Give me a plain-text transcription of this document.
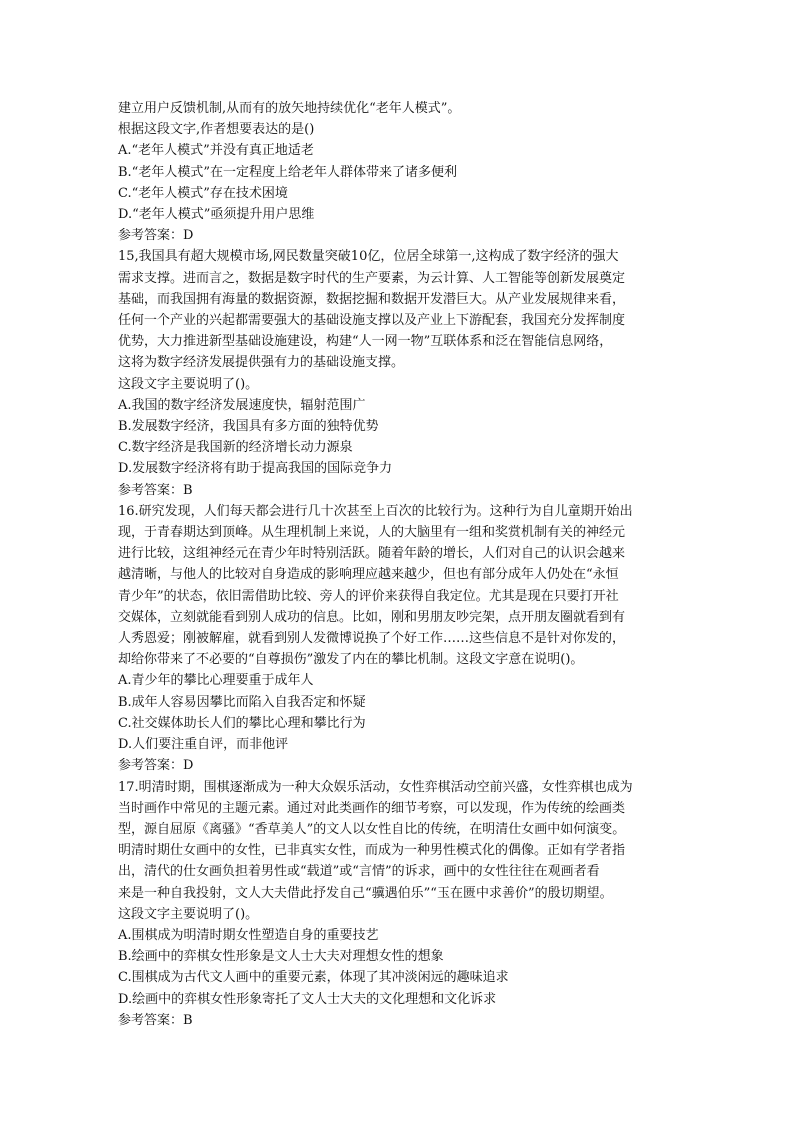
建立用户反馈机制,从而有的放矢地持续优化“老年人模式”。
根据这段文字,作者想要表达的是()
A.“老年人模式”并没有真正地适老
B.“老年人模式”在一定程度上给老年人群体带来了诸多便利
C.“老年人模式”存在技术困境
D.“老年人模式”亟须提升用户思维
参考答案：D
15,我国具有超大规模市场,网民数量突破10亿，位居全球第一,这构成了数字经济的强大
需求支撑。进而言之，数据是数字时代的生产要素，为云计算、人工智能等创新发展奠定
基础，而我国拥有海量的数据资源，数据挖掘和数据开发潜巨大。从产业发展规律来看，
任何一个产业的兴起都需要强大的基础设施支撑以及产业上下游配套，我国充分发挥制度
优势，大力推进新型基础设施建设，构建“人一网一物”互联体系和泛在智能信息网络，
这将为数字经济发展提供强有力的基础设施支撑。
这段文字主要说明了()。
A.我国的数字经济发展速度快，辐射范围广
B.发展数字经济，我国具有多方面的独特优势
C.数字经济是我国新的经济增长动力源泉
D.发展数字经济将有助于提高我国的国际竞争力
参考答案：B
16.研究发现，人们每天都会进行几十次甚至上百次的比较行为。这种行为自儿童期开始出
现，于青春期达到顶峰。从生理机制上来说，人的大脑里有一组和奖赏机制有关的神经元
进行比较，这组神经元在青少年时特别活跃。随着年龄的增长，人们对自己的认识会越来
越清晰，与他人的比较对自身造成的影响理应越来越少，但也有部分成年人仍处在“永恒
青少年”的状态，依旧需借助比较、旁人的评价来获得自我定位。尤其是现在只要打开社
交媒体，立刻就能看到别人成功的信息。比如，刚和男朋友吵完架，点开朋友圈就看到有
人秀恩爱；刚被解雇，就看到别人发微博说换了个好工作……这些信息不是针对你发的，
却给你带来了不必要的“自尊损伤”激发了内在的攀比机制。这段文字意在说明()。
A.青少年的攀比心理要重于成年人
B.成年人容易因攀比而陷入自我否定和怀疑
C.社交媒体助长人们的攀比心理和攀比行为
D.人们要注重自评，而非他评
参考答案：D
17.明清时期，围棋逐渐成为一种大众娱乐活动，女性弈棋活动空前兴盛，女性弈棋也成为
当时画作中常见的主题元素。通过对此类画作的细节考察，可以发现，作为传统的绘画类
型，源自屈原《离骚》“香草美人”的文人以女性自比的传统，在明清仕女画中如何演变。
明清时期仕女画中的女性，已非真实女性，而成为一种男性模式化的偶像。正如有学者指
出，清代的仕女画负担着男性或“载道”或“言情”的诉求，画中的女性往往在观画者看
来是一种自我投射，文人大夫借此抒发自己“骥遇伯乐”“玉在匮中求善价”的殷切期望。
这段文字主要说明了()。
A.围棋成为明清时期女性塑造自身的重要技艺
B.绘画中的弈棋女性形象是文人士大夫对理想女性的想象
C.围棋成为古代文人画中的重要元素，体现了其冲淡闲远的趣味追求
D.绘画中的弈棋女性形象寄托了文人士大夫的文化理想和文化诉求
参考答案：B
